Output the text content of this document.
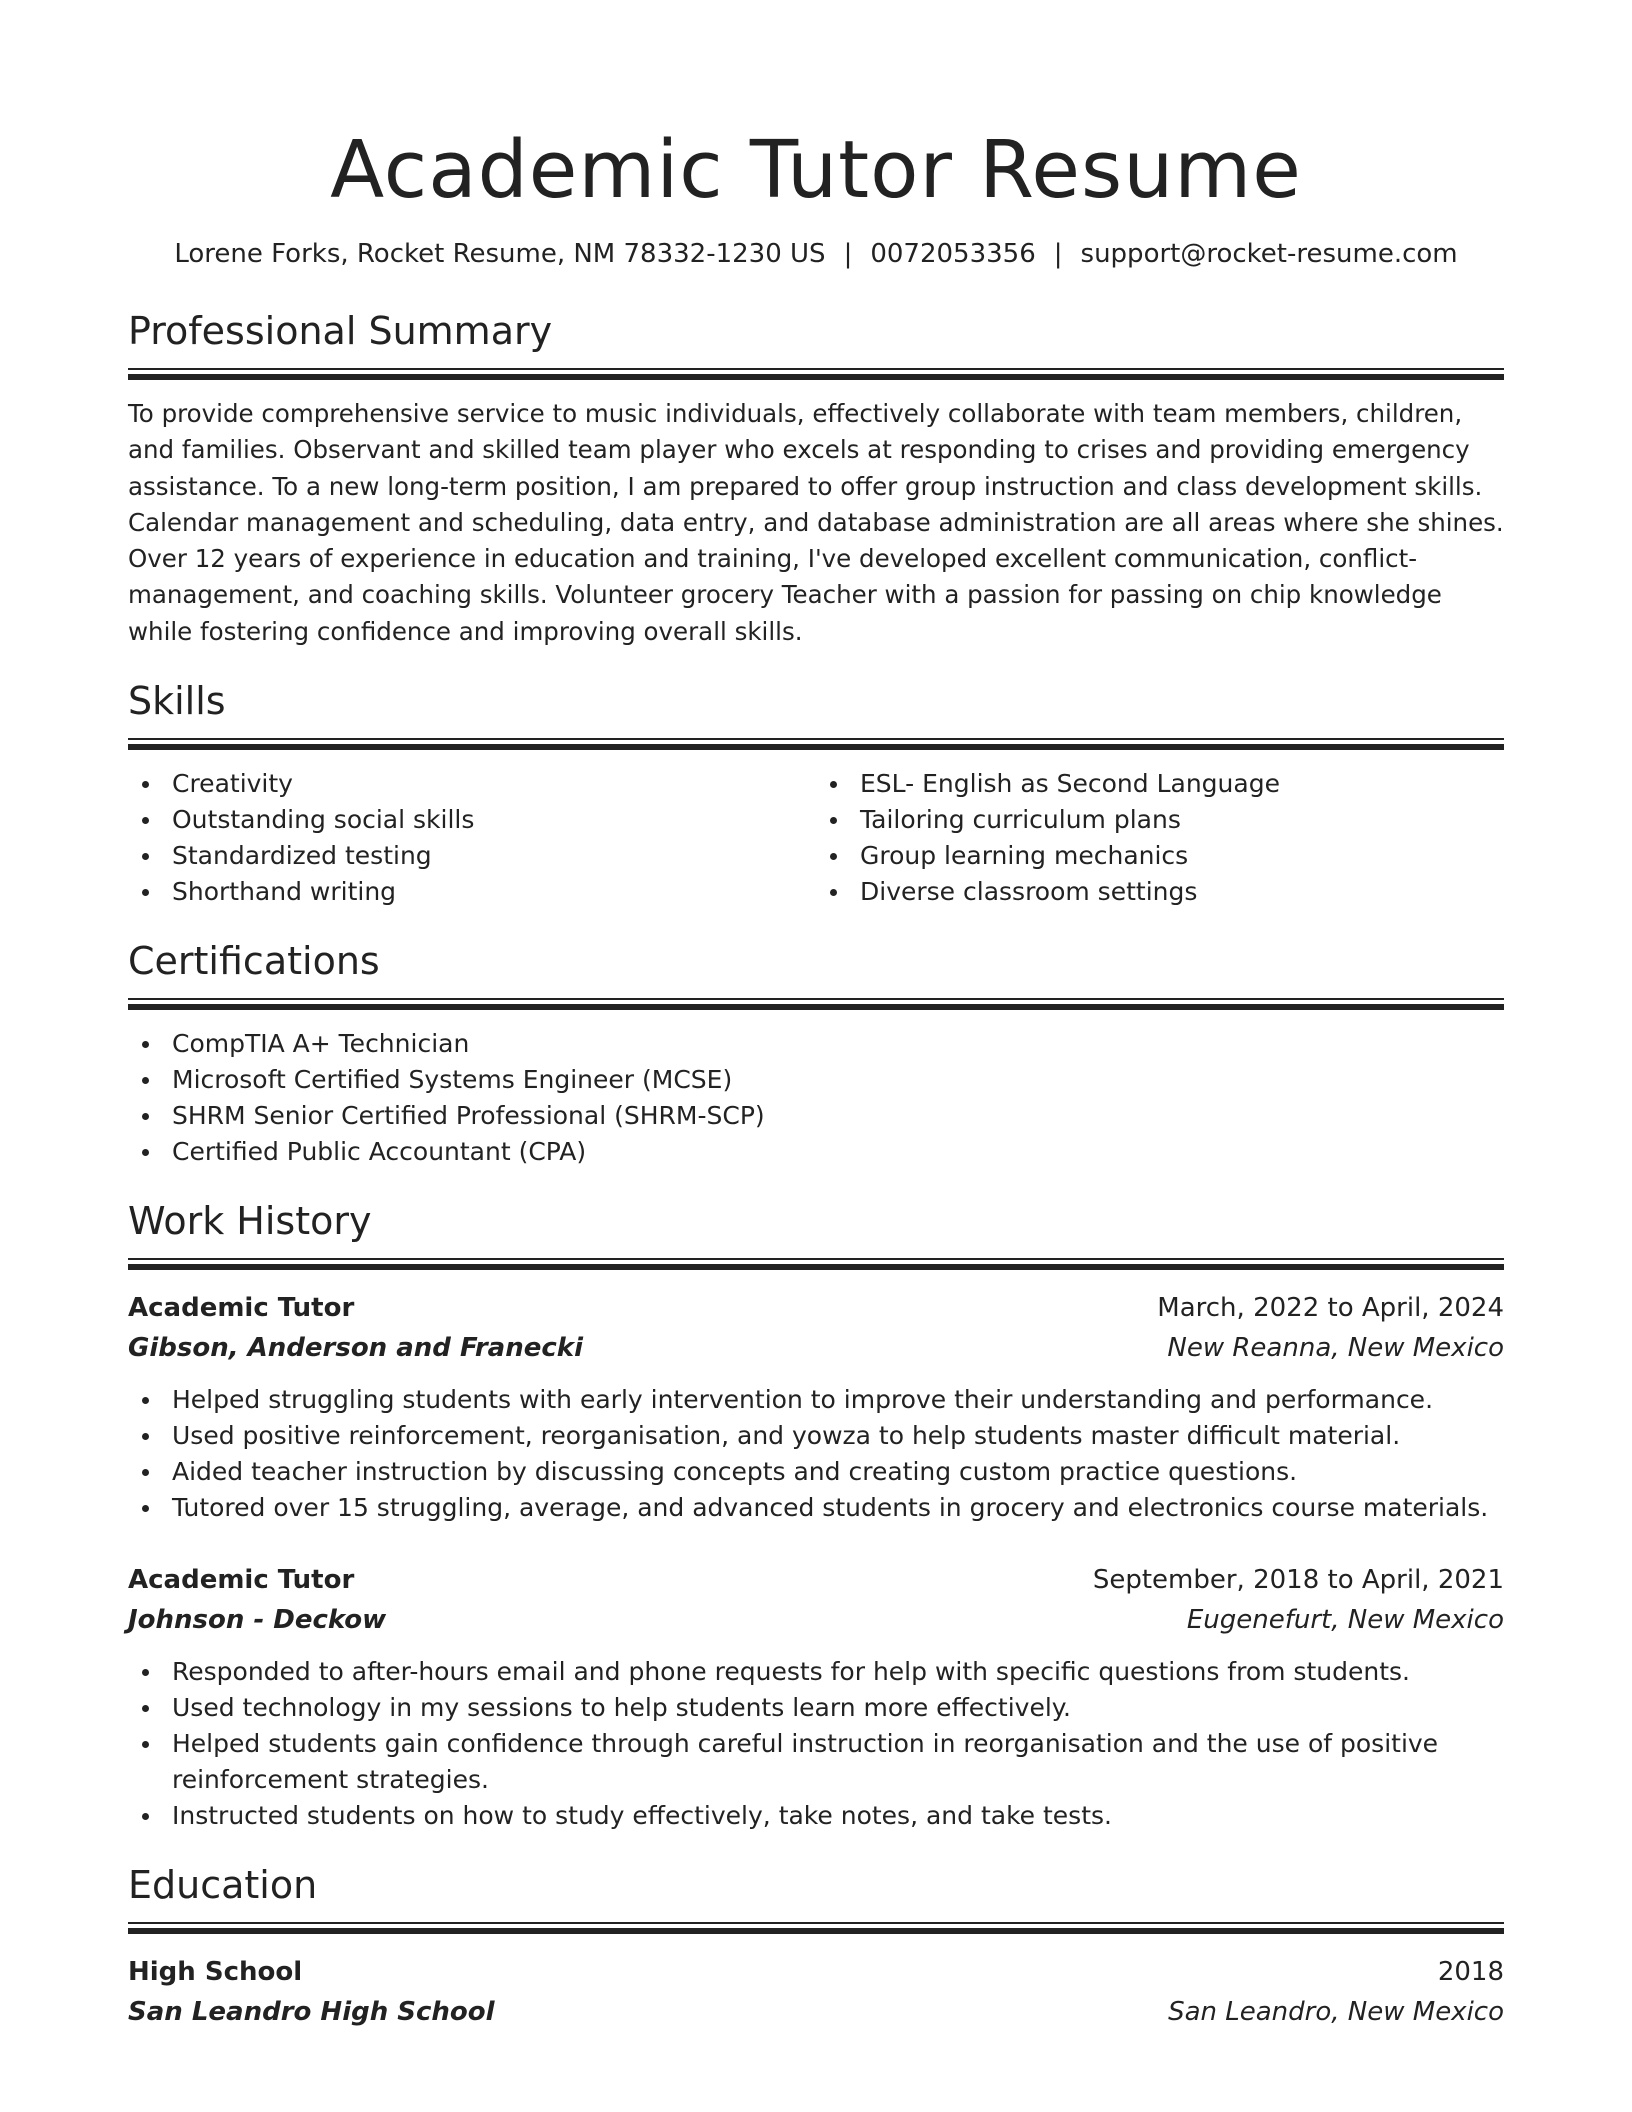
Academic Tutor Resume
Lorene Forks, Rocket Resume, NM 78332-1230 US | 0072053356 | support@rocket-resume.com
Professional Summary
To provide comprehensive service to music individuals, effectively collaborate with team members, children, and families. Observant and skilled team player who excels at responding to crises and providing emergency assistance. To a new long-term position, I am prepared to offer group instruction and class development skills. Calendar management and scheduling, data entry, and database administration are all areas where she shines. Over 12 years of experience in education and training, I've developed excellent communication, conflict-management, and coaching skills. Volunteer grocery Teacher with a passion for passing on chip knowledge while fostering confidence and improving overall skills.
Skills
Creativity
Outstanding social skills
Standardized testing
Shorthand writing
ESL- English as Second Language
Tailoring curriculum plans
Group learning mechanics
Diverse classroom settings
Certifications
CompTIA A+ Technician
Microsoft Certified Systems Engineer (MCSE)
SHRM Senior Certified Professional (SHRM-SCP)
Certified Public Accountant (CPA)
Work History
Academic Tutor	March, 2022 to April, 2024
Gibson, Anderson and Franecki	New Reanna, New Mexico
Helped struggling students with early intervention to improve their understanding and performance.
Used positive reinforcement, reorganisation, and yowza to help students master difficult material.
Aided teacher instruction by discussing concepts and creating custom practice questions.
Tutored over 15 struggling, average, and advanced students in grocery and electronics course materials.
Academic Tutor	September, 2018 to April, 2021
Johnson - Deckow	Eugenefurt, New Mexico
Responded to after-hours email and phone requests for help with specific questions from students.
Used technology in my sessions to help students learn more effectively.
Helped students gain confidence through careful instruction in reorganisation and the use of positive reinforcement strategies.
Instructed students on how to study effectively, take notes, and take tests.
Education
High School	2018
San Leandro High School	San Leandro, New Mexico
